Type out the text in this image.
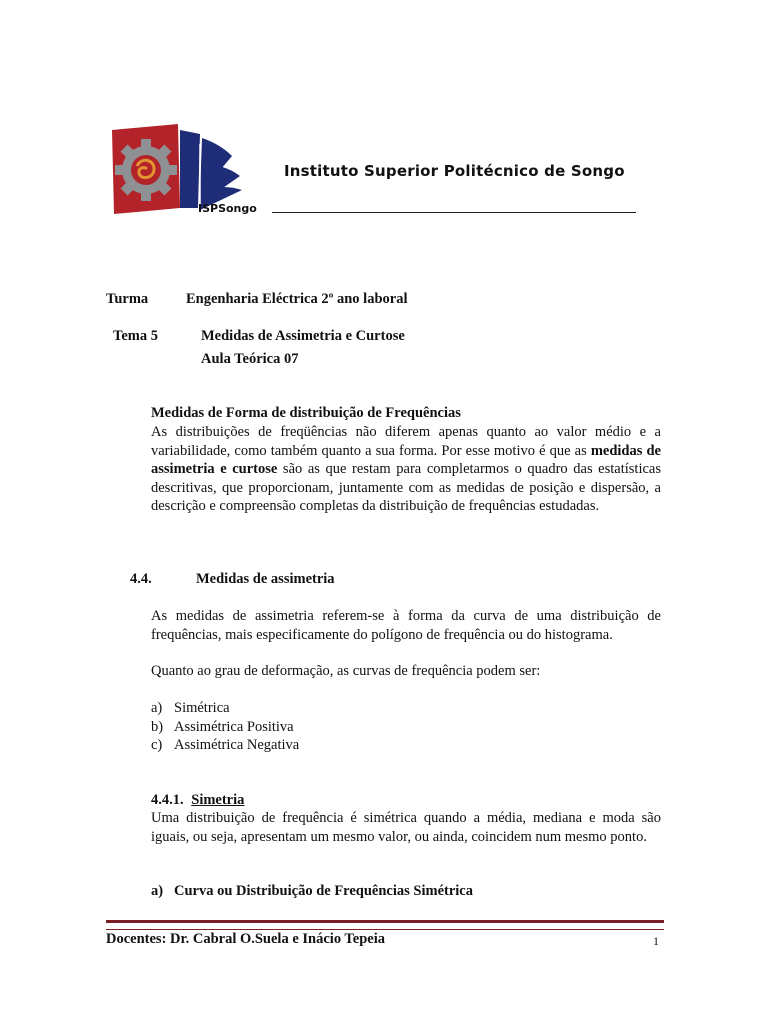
ISPSongo
Instituto Superior Politécnico de Songo
Turma	Engenharia Eléctrica 2º ano laboral
Tema 5	Medidas de Assimetria e Curtose
Aula Teórica 07
Medidas de Forma de distribuição de Frequências
As distribuições de freqüências não diferem apenas quanto ao valor médio e a variabilidade, como também quanto a sua forma. Por esse motivo é que as medidas de assimetria e curtose são as que restam para completarmos o quadro das estatísticas descritivas, que proporcionam, juntamente com as medidas de posição e dispersão, a descrição e compreensão completas da distribuição de frequências estudadas.
4.4.	Medidas de assimetria
As medidas de assimetria referem-se à forma da curva de uma distribuição de frequências, mais especificamente do polígono de frequência ou do histograma.
Quanto ao grau de deformação, as curvas de frequência podem ser:
a) Simétrica
b) Assimétrica Positiva
c) Assimétrica Negativa
4.4.1. Simetria
Uma distribuição de frequência é simétrica quando a média, mediana e moda são iguais, ou seja, apresentam um mesmo valor, ou ainda, coincidem num mesmo ponto.
a) Curva ou Distribuição de Frequências Simétrica
Docentes: Dr. Cabral O.Suela e Inácio Tepeia	1
